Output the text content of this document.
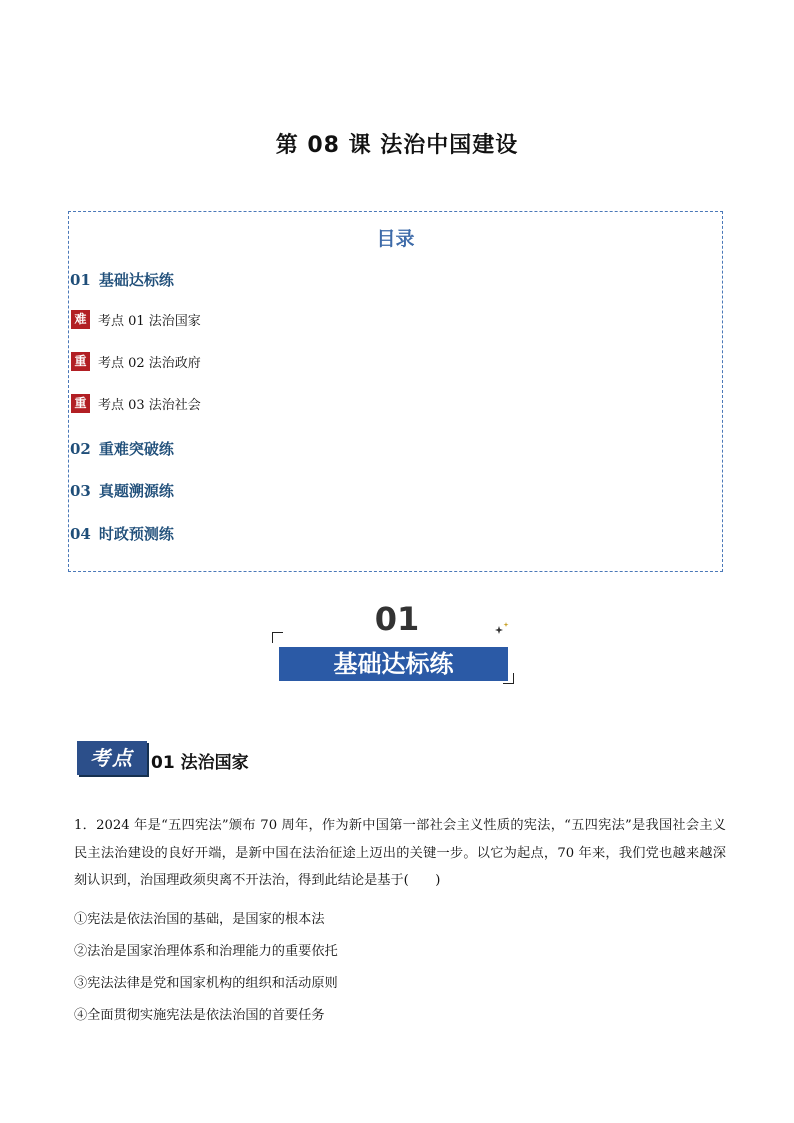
第 08 课 法治中国建设
目录
01 基础达标练
难 考点 01 法治国家
重 考点 02 法治政府
重 考点 03 法治社会
02 重难突破练
03 真题溯源练
04 时政预测练
01
基础达标练
考点	01 法治国家
1．2024 年是“五四宪法”颁布 70 周年，作为新中国第一部社会主义性质的宪法，“五四宪法”是我国社会主义民主法治建设的良好开端，是新中国在法治征途上迈出的关键一步。以它为起点，70 年来，我们党也越来越深刻认识到，治国理政须臾离不开法治，得到此结论是基于(　　)
①宪法是依法治国的基础，是国家的根本法
②法治是国家治理体系和治理能力的重要依托
③宪法法律是党和国家机构的组织和活动原则
④全面贯彻实施宪法是依法治国的首要任务
